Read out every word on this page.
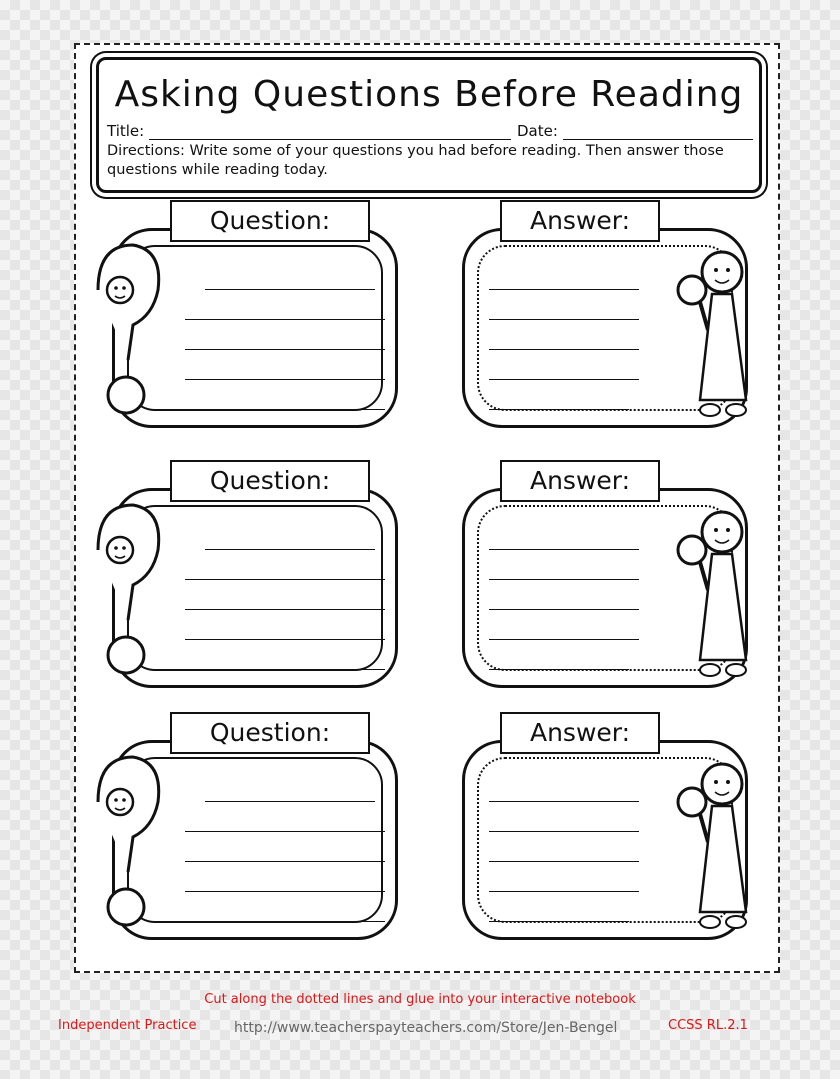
Asking Questions Before Reading
Title:	Date:
Directions: Write some of your questions you had before reading. Then answer those questions while reading today.
Question:	Answer:
Question:	Answer:
Question:	Answer:
Cut along the dotted lines and glue into your interactive notebook
Independent Practice	http://www.teacherspayteachers.com/Store/Jen-Bengel	CCSS RL.2.1
